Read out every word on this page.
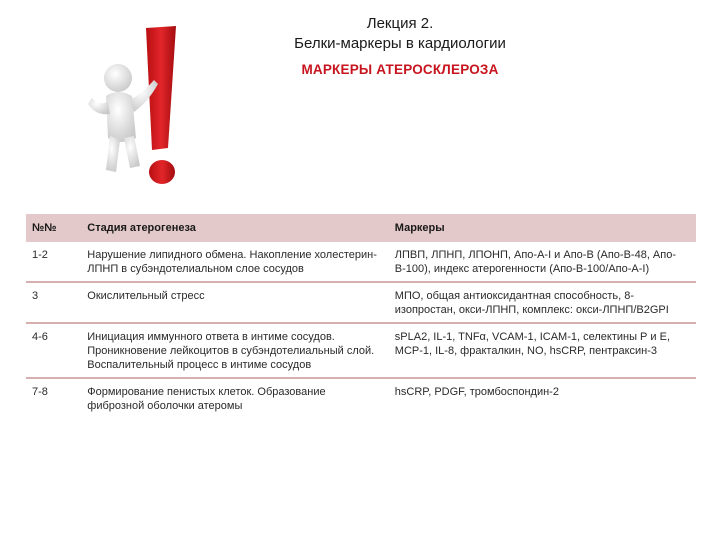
Лекция 2.
Белки-маркеры в кардиологии
МАРКЕРЫ АТЕРОСКЛЕРОЗА
№№	Стадия атерогенеза	Маркеры
1-2	Нарушение липидного обмена. Накопление холестерин-ЛПНП в субэндотелиальном слое сосудов	ЛПВП, ЛПНП, ЛПОНП, Апо-А-I и Апо-В (Апо-В-48, Апо-В-100), индекс атерогенности (Апо-В-100/Апо-А-I)
3	Окислительный стресс	МПО, общая антиоксидантная способность, 8-изопростан, окси-ЛПНП, комплекс: окси-ЛПНП/В2GPI
4-6	Инициация иммунного ответа в интиме сосудов. Проникновение лейкоцитов в субэндотелиальный слой. Воспалительный процесс в интиме сосудов	sPLA2, IL-1, TNFα, VCAM-1, ICAM-1, селектины Р и Е, MCP-1, IL-8, фракталкин, NO, hsCRP, пентраксин-3
7-8	Формирование пенистых клеток. Образование фиброзной оболочки атеромы	hsCRP, PDGF, тромбоспондин-2
